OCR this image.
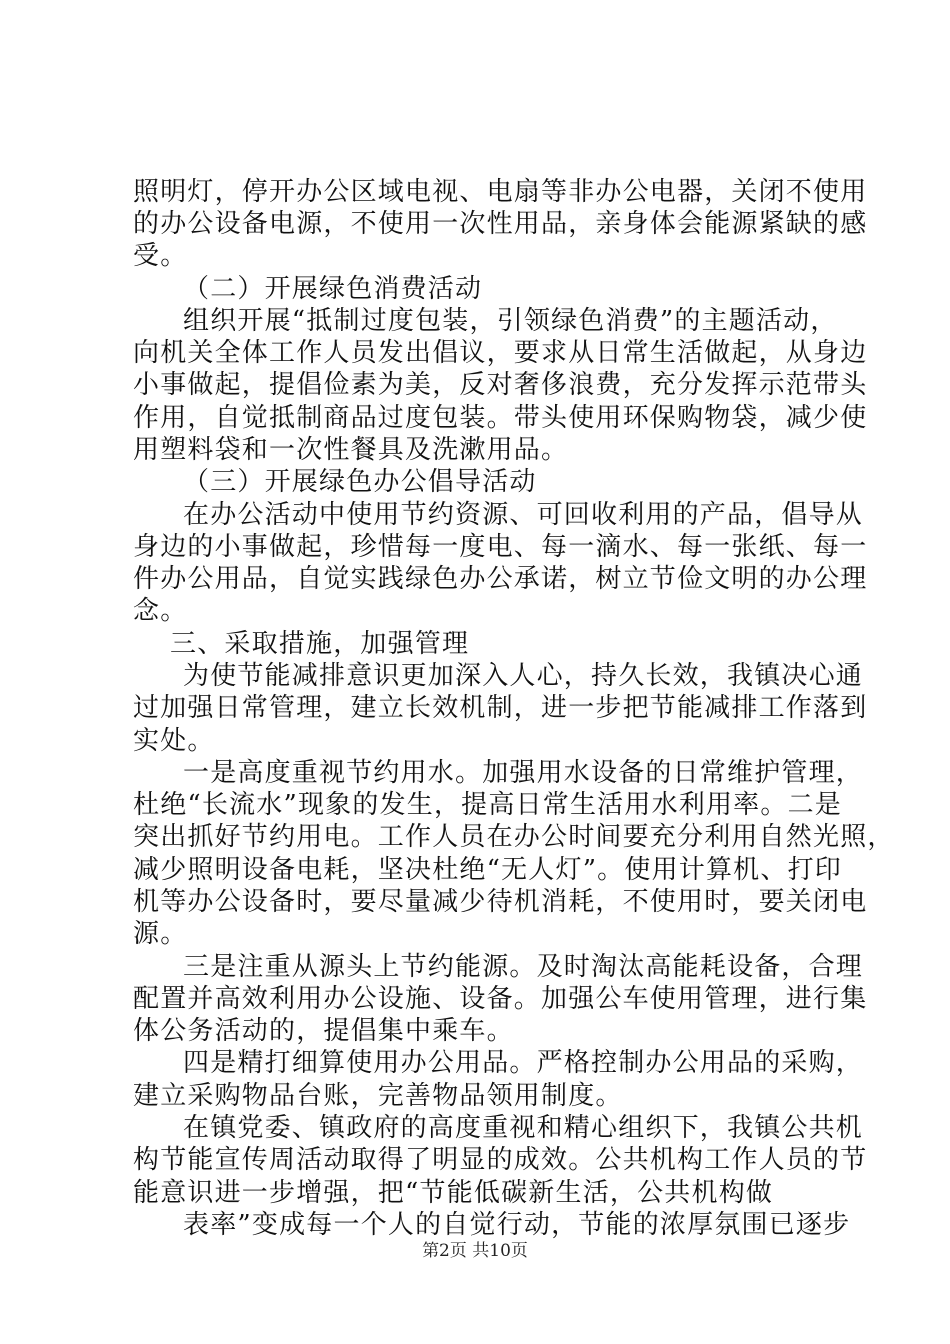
照明灯，停开办公区域电视、电扇等非办公电器，关闭不使用
的办公设备电源，不使用一次性用品，亲身体会能源紧缺的感
受。
（二）开展绿色消费活动
组织开展“抵制过度包装，引领绿色消费”的主题活动，
向机关全体工作人员发出倡议，要求从日常生活做起，从身边
小事做起，提倡俭素为美，反对奢侈浪费，充分发挥示范带头
作用，自觉抵制商品过度包装。带头使用环保购物袋，减少使
用塑料袋和一次性餐具及洗漱用品。
（三）开展绿色办公倡导活动
在办公活动中使用节约资源、可回收利用的产品，倡导从
身边的小事做起，珍惜每一度电、每一滴水、每一张纸、每一
件办公用品，自觉实践绿色办公承诺，树立节俭文明的办公理
念。
三、采取措施，加强管理
为使节能减排意识更加深入人心，持久长效，我镇决心通
过加强日常管理，建立长效机制，进一步把节能减排工作落到
实处。
一是高度重视节约用水。加强用水设备的日常维护管理，
杜绝“长流水”现象的发生，提高日常生活用水利用率。二是
突出抓好节约用电。工作人员在办公时间要充分利用自然光照，
减少照明设备电耗，坚决杜绝“无人灯”。使用计算机、打印
机等办公设备时，要尽量减少待机消耗，不使用时，要关闭电
源。
三是注重从源头上节约能源。及时淘汰高能耗设备，合理
配置并高效利用办公设施、设备。加强公车使用管理，进行集
体公务活动的，提倡集中乘车。
四是精打细算使用办公用品。严格控制办公用品的采购，
建立采购物品台账，完善物品领用制度。
在镇党委、镇政府的高度重视和精心组织下，我镇公共机
构节能宣传周活动取得了明显的成效。公共机构工作人员的节
能意识进一步增强，把“节能低碳新生活，公共机构做
表率”变成每一个人的自觉行动，节能的浓厚氛围已逐步
第2页 共10页
